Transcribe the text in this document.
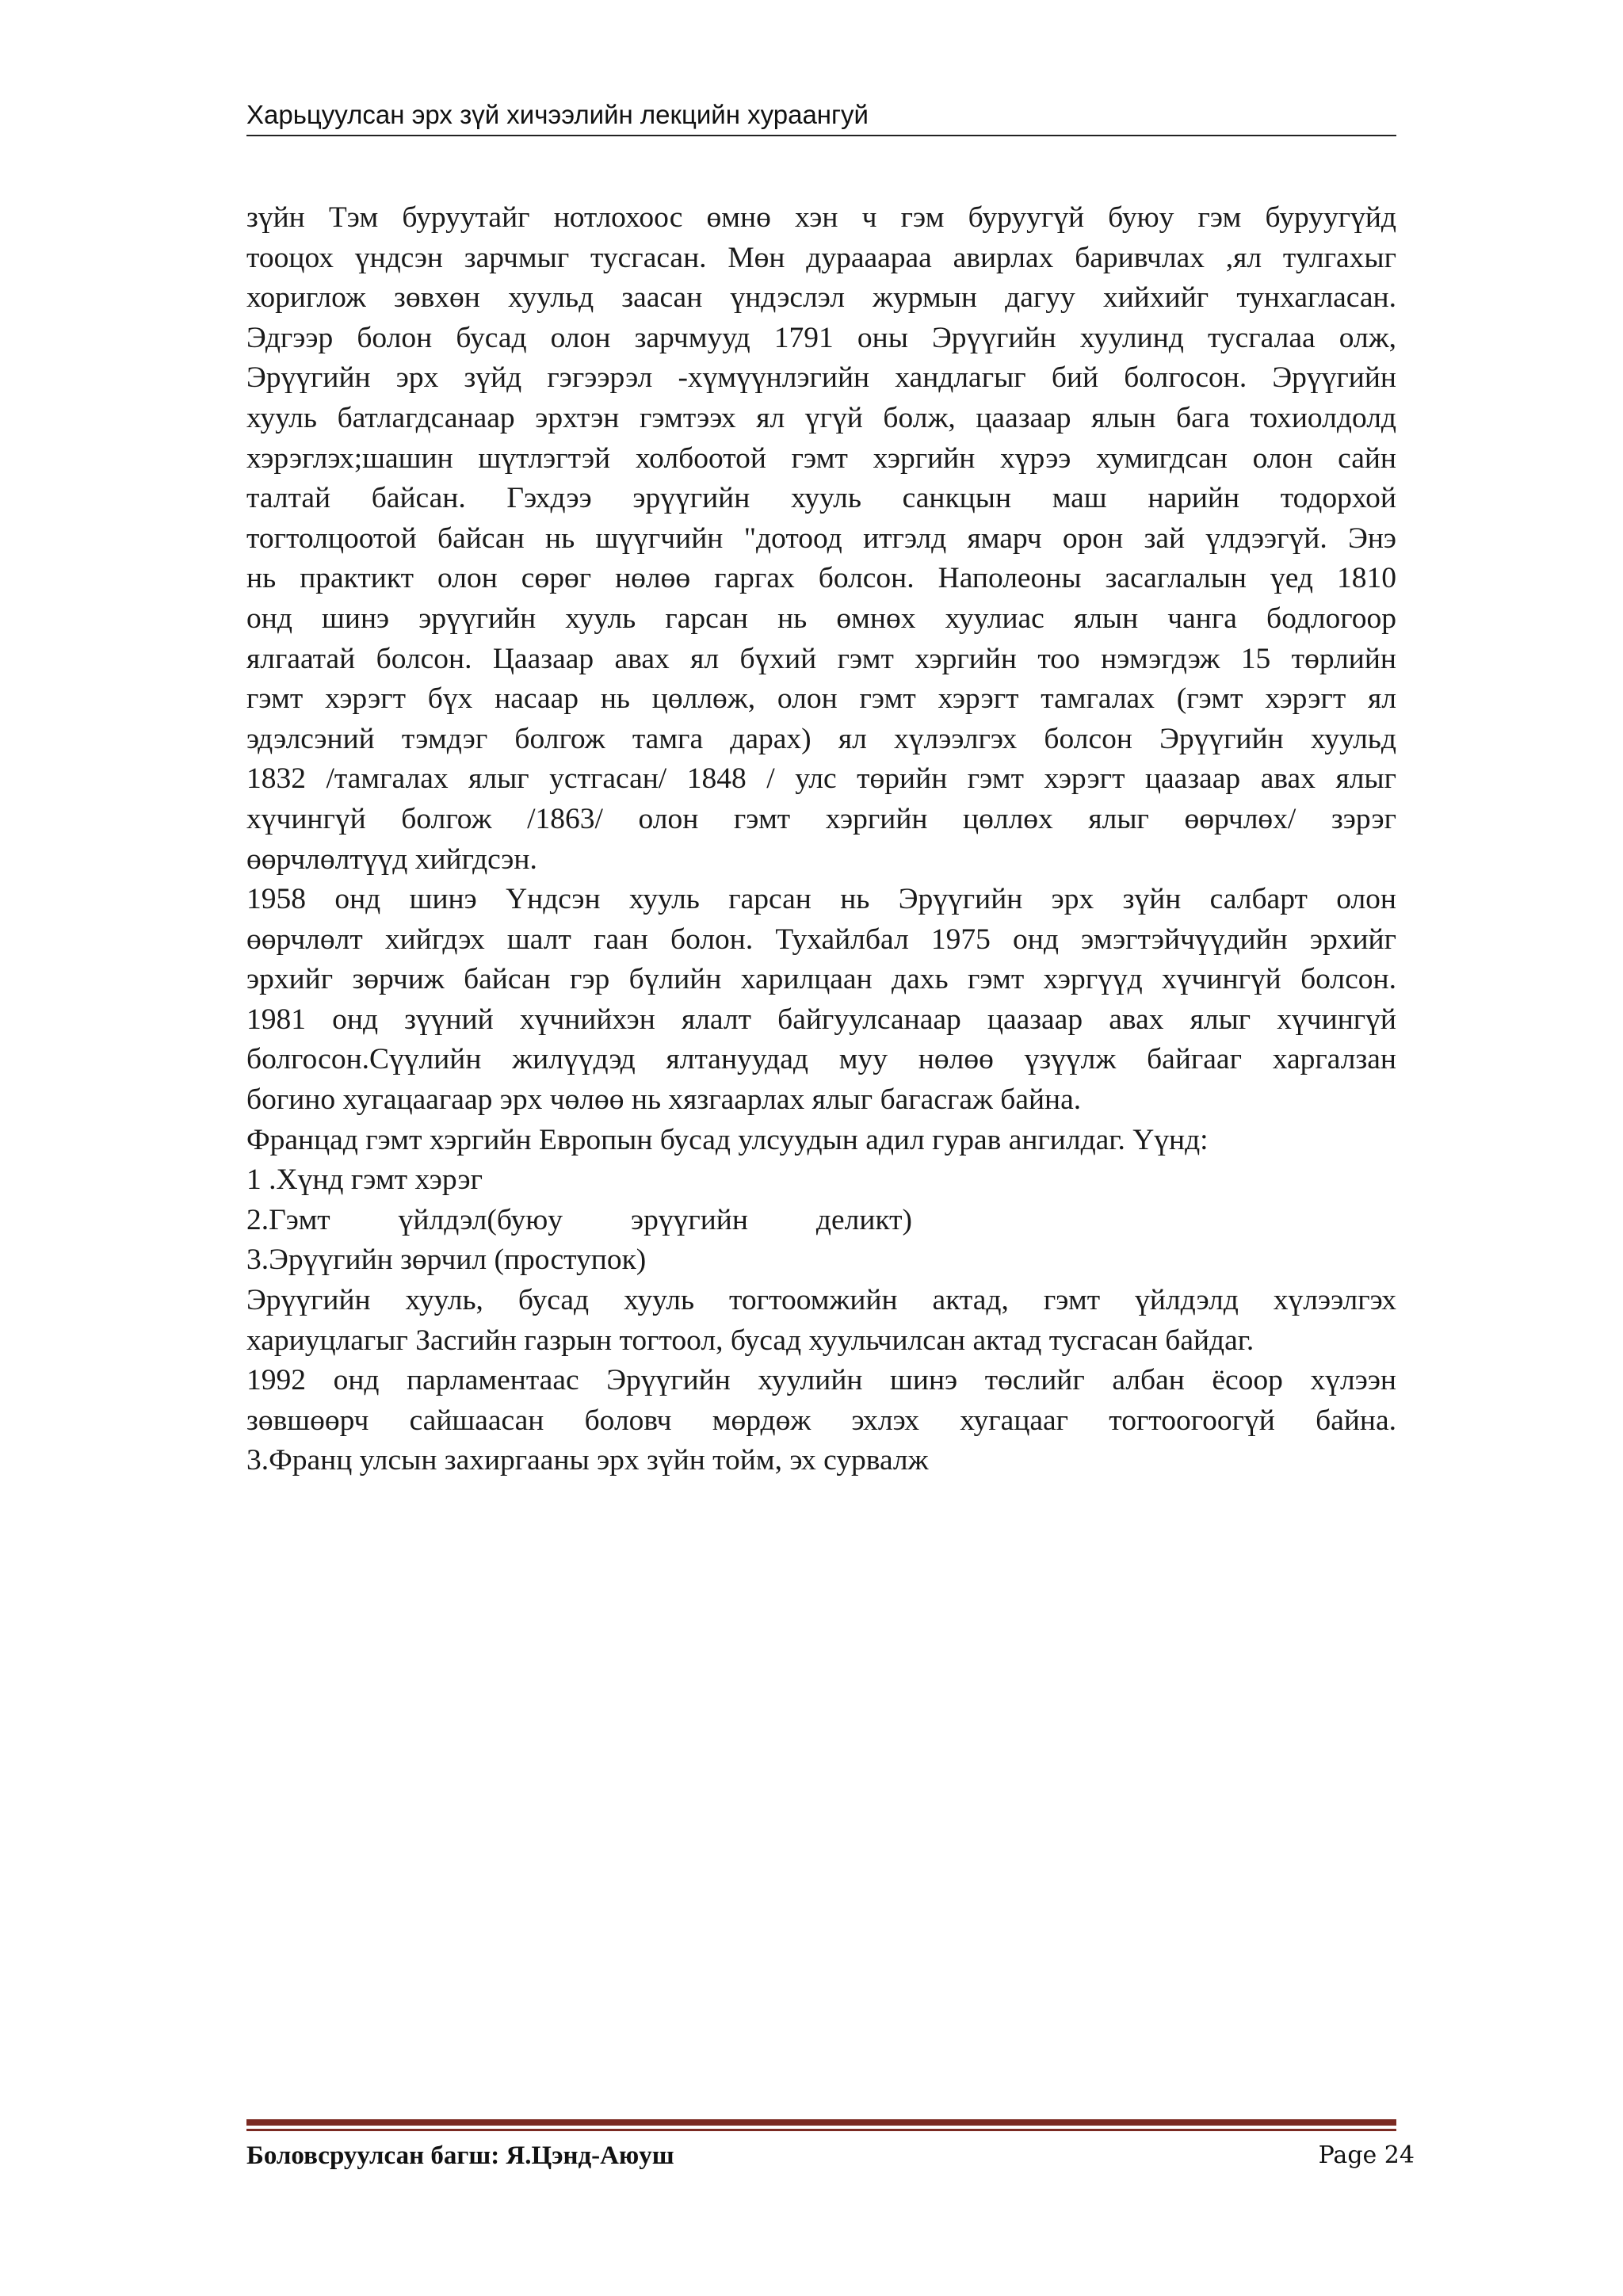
Харьцуулсан эрх зүй хичээлийн лекцийн хураангуй
зүйн Тэм буруутайг нотлохоос өмнө хэн ч гэм буруугүй буюу гэм буруугүйд
тооцох үндсэн зарчмыг тусгасан. Мөн дурааараа авирлах баривчлах ,ял тулгахыг
хориглож зөвхөн хуульд заасан үндэслэл журмын дагуу хийхийг тунхагласан.
Эдгээр болон бусад олон зарчмууд 1791 оны Эрүүгийн хуулинд тусгалаа олж,
Эрүүгийн эрх зүйд гэгээрэл -хүмүүнлэгийн хандлагыг бий болгосон. Эрүүгийн
хууль батлагдсанаар эрхтэн гэмтээх ял үгүй болж, цаазаар ялын бага тохиолдолд
хэрэглэх;шашин шүтлэгтэй холбоотой гэмт хэргийн хүрээ хумигдсан олон сайн
талтай байсан. Гэхдээ эрүүгийн хууль санкцын маш нарийн тодорхой
тогтолцоотой байсан нь шүүгчийн "дотоод итгэлд ямарч орон зай үлдээгүй. Энэ
нь практикт олон сөрөг нөлөө гаргах болсон. Наполеоны засаглалын үед 1810
онд шинэ эрүүгийн хууль гарсан нь өмнөх хуулиас ялын чанга бодлогоор
ялгаатай болсон. Цаазаар авах ял бүхий гэмт хэргийн тоо нэмэгдэж 15 төрлийн
гэмт хэрэгт бүх насаар нь цөллөж, олон гэмт хэрэгт тамгалах (гэмт хэрэгт ял
эдэлсэний тэмдэг болгож тамга дарах) ял хүлээлгэх болсон Эрүүгийн хуульд
1832 /тамгалах ялыг устгасан/ 1848 / улс төрийн гэмт хэрэгт цаазаар авах ялыг
хүчингүй болгож /1863/ олон гэмт хэргийн цөллөх ялыг өөрчлөх/ зэрэг
өөрчлөлтүүд хийгдсэн.
1958 онд шинэ Үндсэн хууль гарсан нь Эрүүгийн эрх зүйн салбарт олон
өөрчлөлт хийгдэх шалт гаан болон. Тухайлбал 1975 онд эмэгтэйчүүдийн эрхийг
эрхийг зөрчиж байсан гэр бүлийн харилцаан дахь гэмт хэргүүд хүчингүй болсон.
1981 онд зүүний хүчнийхэн ялалт байгуулсанаар цаазаар авах ялыг хүчингүй
болгосон.Сүүлийн жилүүдэд ялтануудад муу нөлөө үзүүлж байгааг харгалзан
богино хугацаагаар эрх чөлөө нь хязгаарлах ялыг багасгаж байна.
Францад гэмт хэргийн Европын бусад улсуудын адил гурав ангилдаг. Үүнд:
1 .Хүнд гэмт хэрэг
2.Гэмт үйлдэл(буюу эрүүгийн деликт)
3.Эрүүгийн зөрчил (проступок)
Эрүүгийн хууль, бусад хууль тогтоомжийн актад, гэмт үйлдэлд хүлээлгэх
хариуцлагыг Засгийн газрын тогтоол, бусад хуульчилсан актад тусгасан байдаг.
1992 онд парламентаас Эрүүгийн хуулийн шинэ төслийг албан ёсоор хүлээн
зөвшөөрч сайшаасан боловч мөрдөж эхлэх хугацааг тогтоогоогүй байна.
3.Франц улсын захиргааны эрх зүйн тойм, эх сурвалж
Боловсруулсан багш: Я.Цэнд-Аюуш	Page 24
